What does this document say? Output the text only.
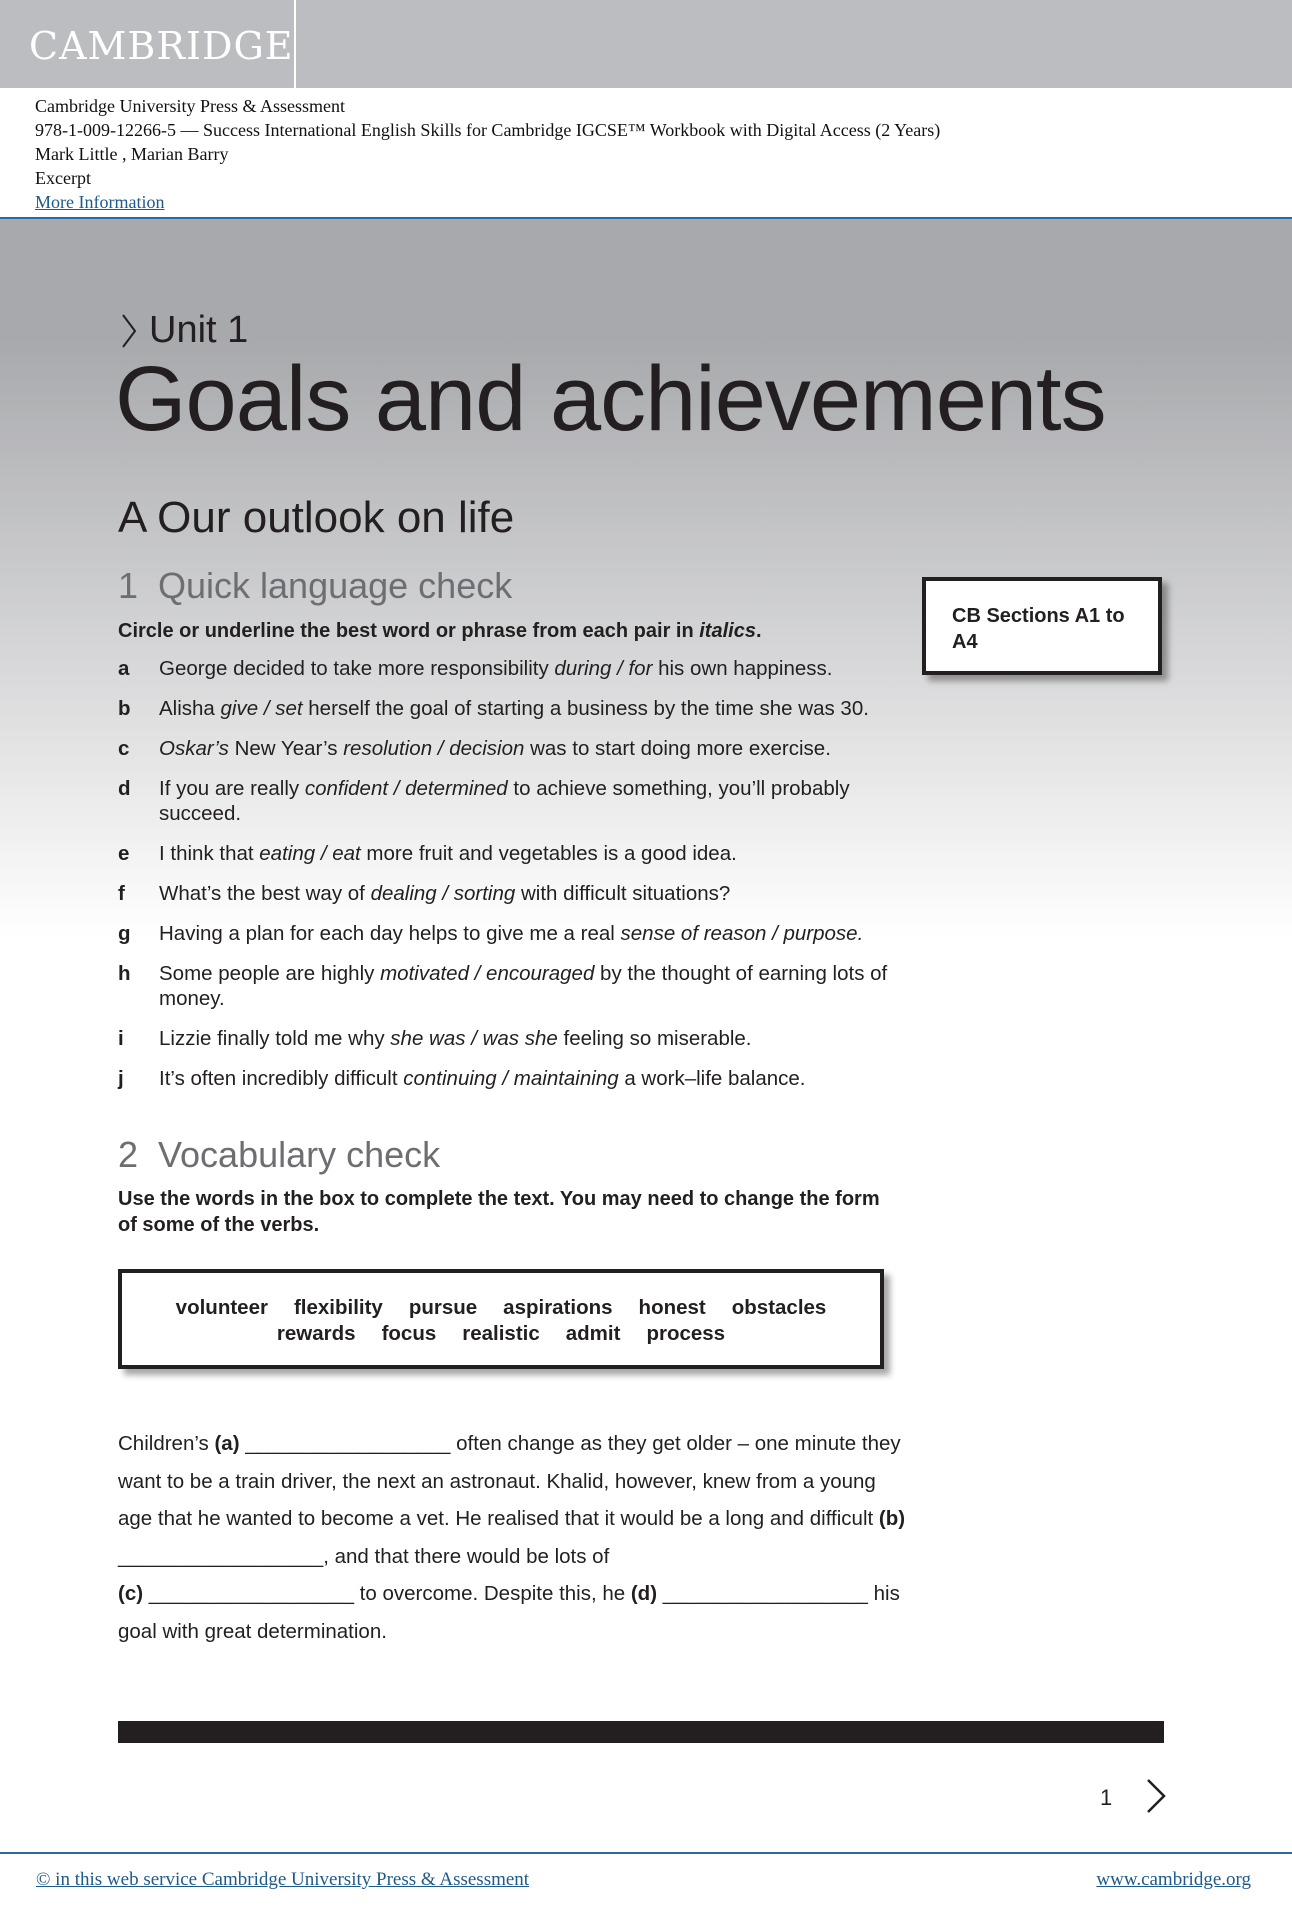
CAMBRIDGE
Cambridge University Press & Assessment
978-1-009-12266-5 — Success International English Skills for Cambridge IGCSE™ Workbook with Digital Access (2 Years)
Mark Little , Marian Barry
Excerpt
More Information
Unit 1
Goals and achievements
A Our outlook on life
1 Quick language check
Circle or underline the best word or phrase from each pair in italics.
a George decided to take more responsibility during / for his own happiness.
b Alisha give / set herself the goal of starting a business by the time she was 30.
c Oskar’s New Year’s resolution / decision was to start doing more exercise.
d If you are really confident / determined to achieve something, you’ll probably succeed.
e I think that eating / eat more fruit and vegetables is a good idea.
f What’s the best way of dealing / sorting with difficult situations?
g Having a plan for each day helps to give me a real sense of reason / purpose.
h Some people are highly motivated / encouraged by the thought of earning lots of money.
i Lizzie finally told me why she was / was she feeling so miserable.
j It’s often incredibly difficult continuing / maintaining a work–life balance.
CB Sections A1 to A4
2 Vocabulary check
Use the words in the box to complete the text. You may need to change the form of some of the verbs.
volunteer flexibility pursue aspirations honest obstacles
rewards focus realistic admit process

Children’s (a) __________________ often change as they get older – one minute they want to be a train driver, the next an astronaut. Khalid, however, knew from a young age that he wanted to become a vet. He realised that it would be a long and difficult (b) __________________, and that there would be lots of
(c) __________________ to overcome. Despite this, he (d) __________________ his goal with great determination.

1
© in this web service Cambridge University Press & Assessment	www.cambridge.org
